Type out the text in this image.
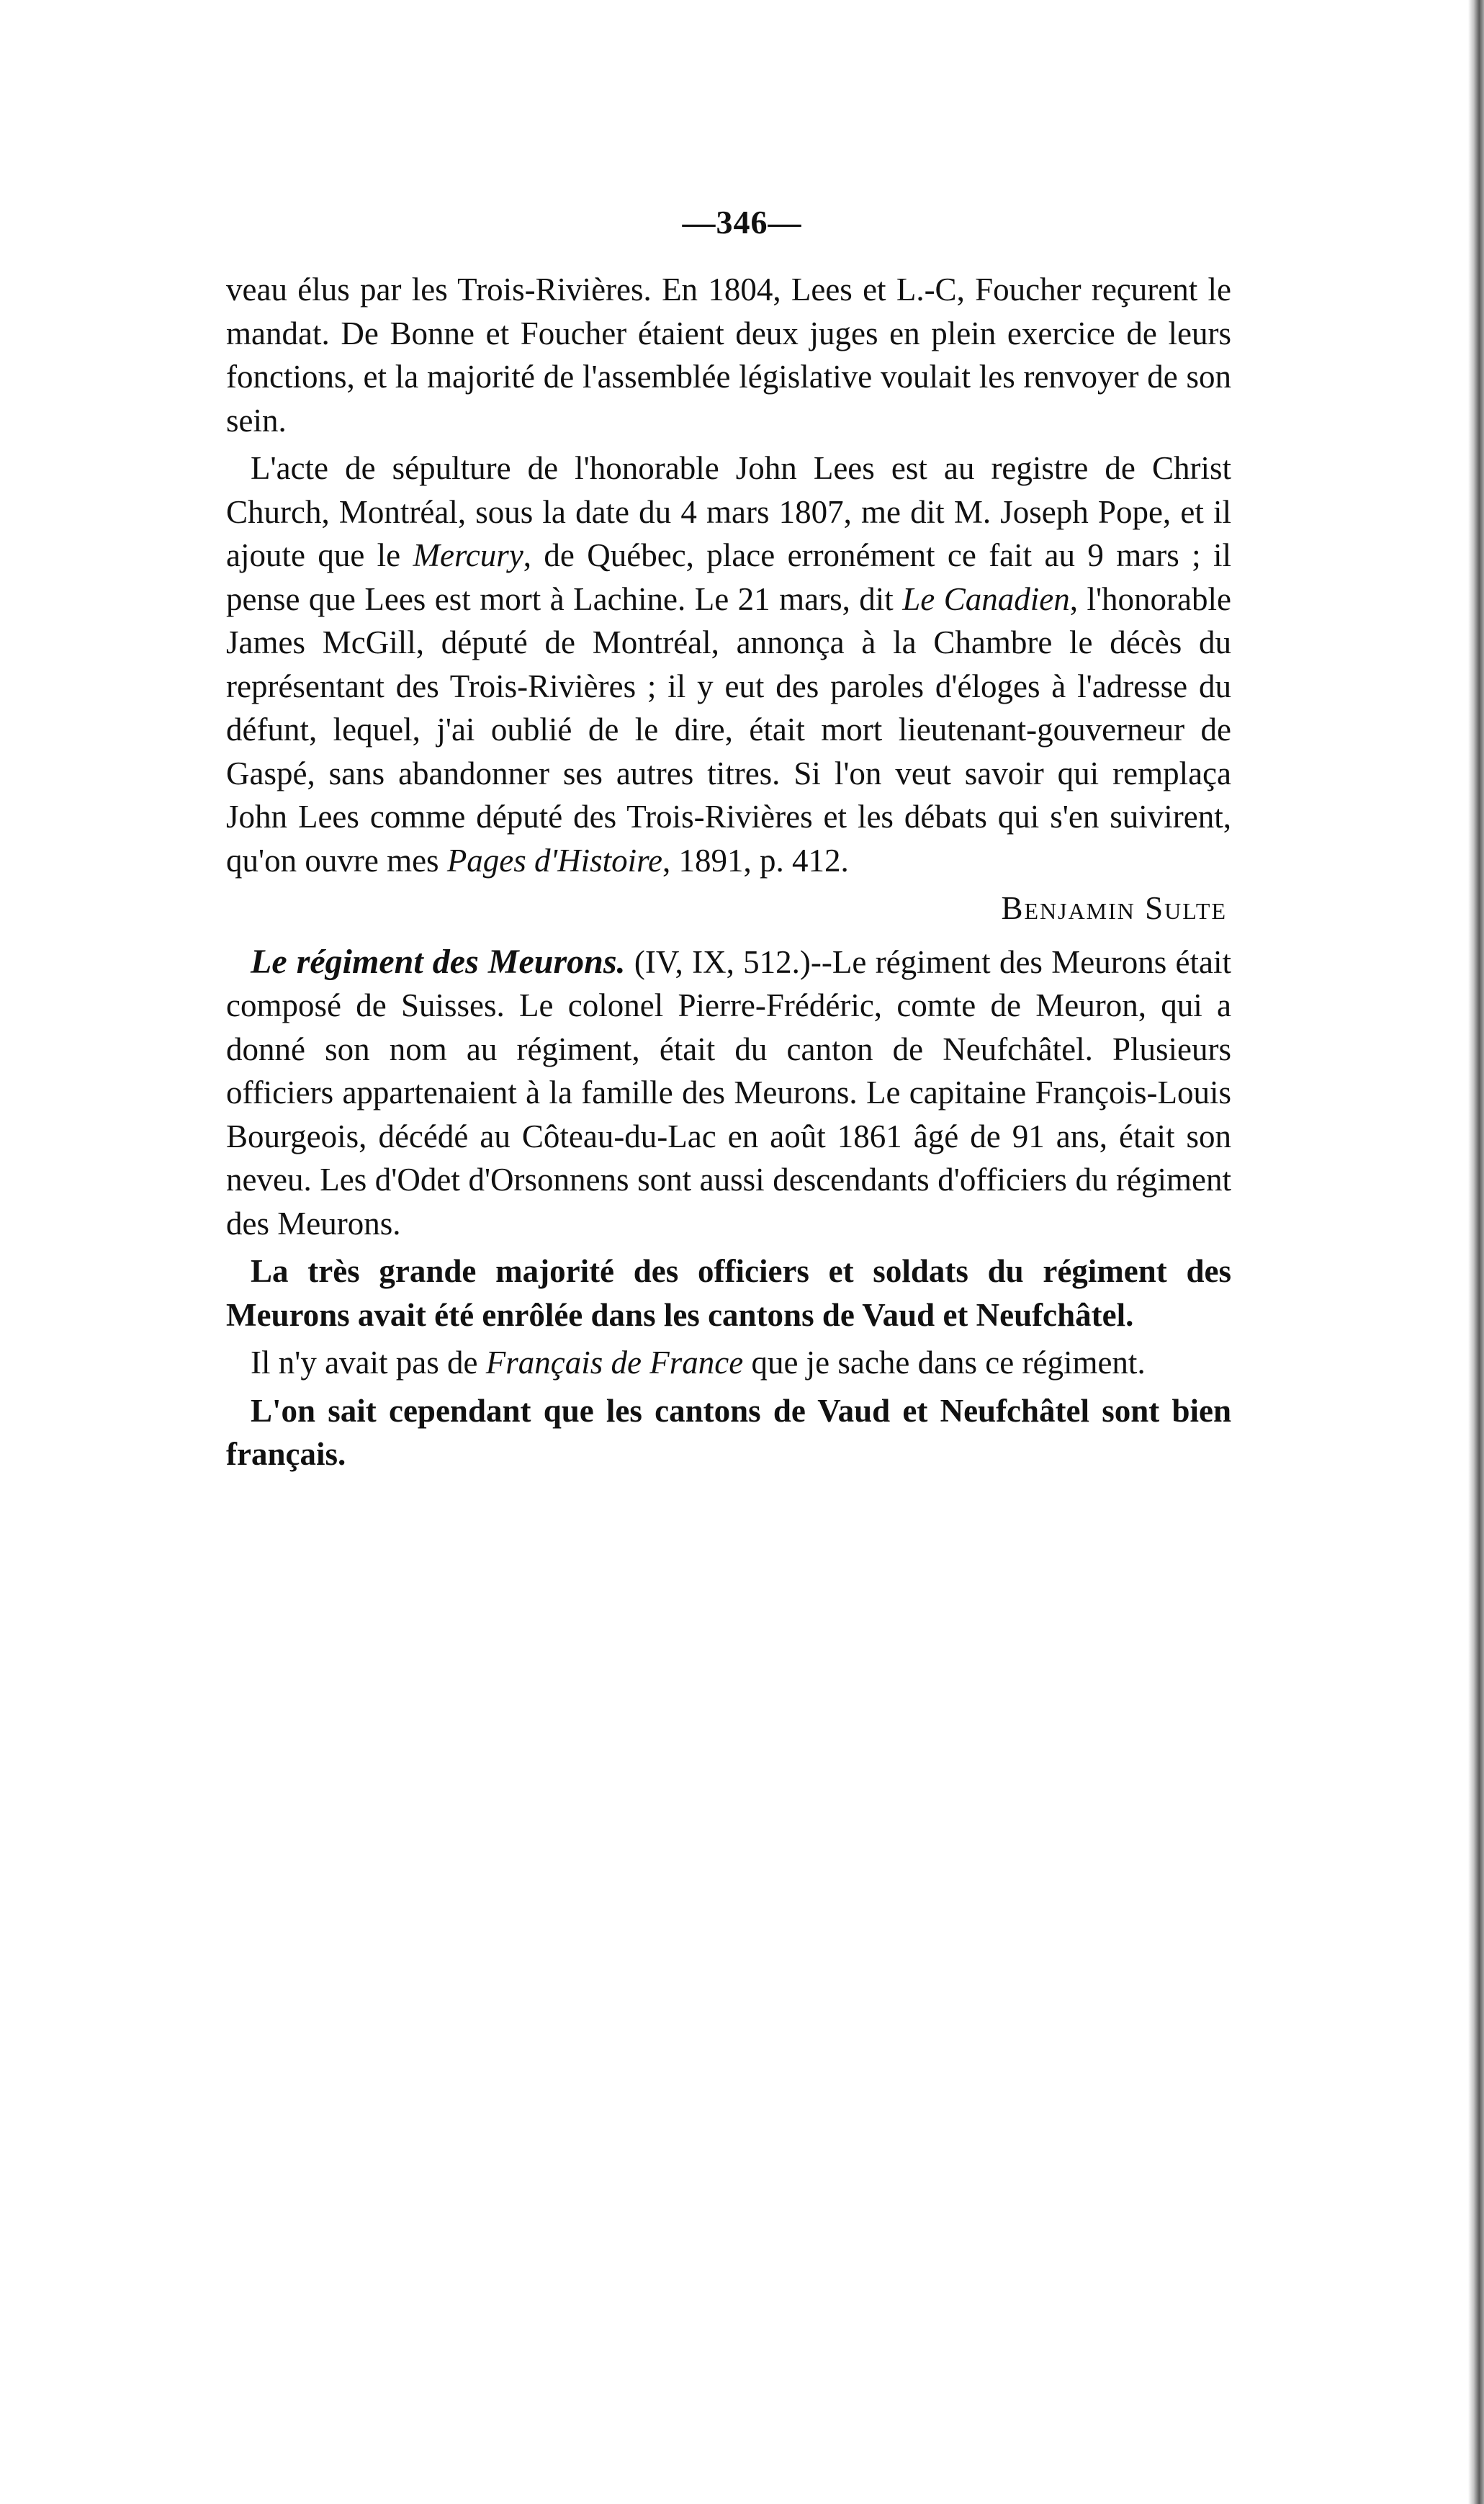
—346—

veau élus par les Trois-Rivières. En 1804, Lees et L.-C, Foucher reçurent le mandat. De Bonne et Foucher étaient deux juges en plein exercice de leurs fonctions, et la majorité de l'assemblée législative voulait les renvoyer de son sein.

L'acte de sépulture de l'honorable John Lees est au registre de Christ Church, Montréal, sous la date du 4 mars 1807, me dit M. Joseph Pope, et il ajoute que le Mercury, de Québec, place erronément ce fait au 9 mars ; il pense que Lees est mort à Lachine. Le 21 mars, dit Le Canadien, l'honorable James McGill, député de Montréal, annonça à la Chambre le décès du représentant des Trois-Rivières ; il y eut des paroles d'éloges à l'adresse du défunt, lequel, j'ai oublié de le dire, était mort lieutenant-gouverneur de Gaspé, sans abandonner ses autres titres. Si l'on veut savoir qui remplaça John Lees comme député des Trois-Rivières et les débats qui s'en suivirent, qu'on ouvre mes Pages d'Histoire, 1891, p. 412.

Benjamin Sulte

Le régiment des Meurons. (IV, IX, 512.)--Le régiment des Meurons était composé de Suisses. Le colonel Pierre-Frédéric, comte de Meuron, qui a donné son nom au régiment, était du canton de Neufchâtel. Plusieurs officiers appartenaient à la famille des Meurons. Le capitaine François-Louis Bourgeois, décédé au Côteau-du-Lac en août 1861 âgé de 91 ans, était son neveu. Les d'Odet d'Orsonnens sont aussi descendants d'officiers du régiment des Meurons.

La très grande majorité des officiers et soldats du régiment des Meurons avait été enrôlée dans les cantons de Vaud et Neufchâtel.

Il n'y avait pas de Français de France que je sache dans ce régiment.

L'on sait cependant que les cantons de Vaud et Neufchâtel sont bien français.
